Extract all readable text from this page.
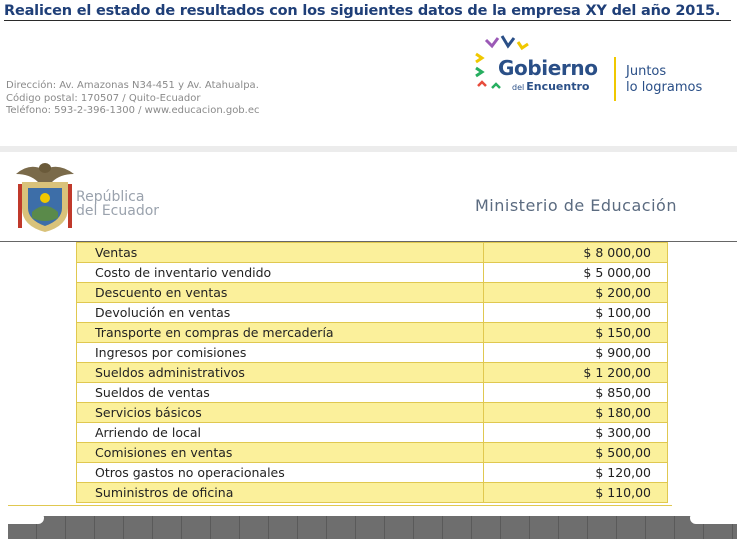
Realicen el estado de resultados con los siguientes datos de la empresa XY del año 2015.
Dirección: Av. Amazonas N34-451 y Av. Atahualpa.
Código postal: 170507 / Quito-Ecuador
Teléfono: 593-2-396-1300 / www.educacion.gob.ec
Gobierno
del Encuentro
Juntos
lo logramos
República
del Ecuador	Ministerio de Educación
Ventas	$ 8 000,00
Costo de inventario vendido	$ 5 000,00
Descuento en ventas	$ 200,00
Devolución en ventas	$ 100,00
Transporte en compras de mercadería	$ 150,00
Ingresos por comisiones	$ 900,00
Sueldos administrativos	$ 1 200,00
Sueldos de ventas	$ 850,00
Servicios básicos	$ 180,00
Arriendo de local	$ 300,00
Comisiones en ventas	$ 500,00
Otros gastos no operacionales	$ 120,00
Suministros de oficina	$ 110,00
